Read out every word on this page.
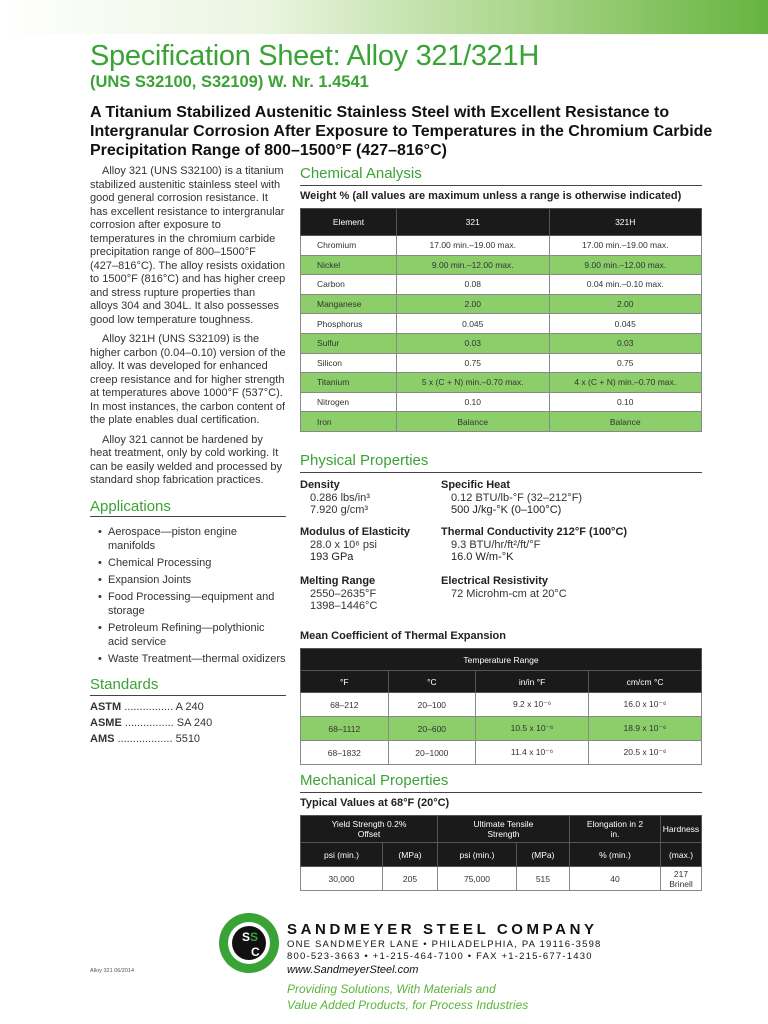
Specification Sheet: Alloy 321/321H
(UNS S32100, S32109) W. Nr. 1.4541
A Titanium Stabilized Austenitic Stainless Steel with Excellent Resistance to Intergranular Corrosion After Exposure to Temperatures in the Chromium Carbide Precipitation Range of 800–1500°F (427–816°C)

Alloy 321 (UNS S32100) is a titanium stabilized austenitic stainless steel with good general corrosion resistance. It has excellent resistance to intergranular corrosion after exposure to temperatures in the chromium carbide precipitation range of 800–1500°F (427–816°C). The alloy resists oxidation to 1500°F (816°C) and has higher creep and stress rupture properties than alloys 304 and 304L. It also possesses good low temperature toughness.

Alloy 321H (UNS S32109) is the higher carbon (0.04–0.10) version of the alloy. It was developed for enhanced creep resistance and for higher strength at temperatures above 1000°F (537°C). In most instances, the carbon content of the plate enables dual certification.

Alloy 321 cannot be hardened by heat treatment, only by cold working. It can be easily welded and processed by standard shop fabrication practices.

Applications
• Aerospace—piston engine manifolds
• Chemical Processing
• Expansion Joints
• Food Processing—equipment and storage
• Petroleum Refining—polythionic acid service
• Waste Treatment—thermal oxidizers
Standards
ASTM ................ A 240
ASME ................ SA 240
AMS .................. 5510
Chemical Analysis
Weight % (all values are maximum unless a range is otherwise indicated)
Element	321	321H
Chromium	17.00 min.–19.00 max.	17.00 min.–19.00 max.
Nickel	9.00 min.–12.00 max.	9.00 min.–12.00 max.
Carbon	0.08	0.04 min.–0.10 max.
Manganese	2.00	2.00
Phosphorus	0.045	0.045
Sulfur	0.03	0.03
Silicon	0.75	0.75
Titanium	5 x (C + N) min.–0.70 max.	4 x (C + N) min.–0.70 max.
Nitrogen	0.10	0.10
Iron	Balance	Balance
Physical Properties
Density
0.286 lbs/in³
7.920 g/cm³
Modulus of Elasticity
28.0 x 10⁶ psi
193 GPa
Melting Range
2550–2635°F
1398–1446°C
Specific Heat
0.12 BTU/lb-°F (32–212°F)
500 J/kg-°K (0–100°C)
Thermal Conductivity 212°F (100°C)
9.3 BTU/hr/ft²/ft/°F
16.0 W/m-°K
Electrical Resistivity
72 Microhm-cm at 20°C
Mean Coefficient of Thermal Expansion
Temperature Range			
°F	°C	in/in °F	cm/cm °C
68–212	20–100	9.2 x 10⁻⁶	16.0 x 10⁻⁶
68–1112	20–600	10.5 x 10⁻⁶	18.9 x 10⁻⁶
68–1832	20–1000	11.4 x 10⁻⁶	20.5 x 10⁻⁶
Mechanical Properties
Typical Values at 68°F (20°C)
Yield Strength 0.2% Offset		Ultimate Tensile Strength		Elongation in 2 in.	Hardness
psi (min.)	(MPa)	psi (min.)	(MPa)	% (min.)	(max.)
30,000	205	75,000	515	40	217 Brinell
Alloy 321 06/2014
S S
C
SANDMEYER STEEL COMPANY
ONE SANDMEYER LANE • PHILADELPHIA, PA 19116-3598
800-523-3663 • +1-215-464-7100 • FAX +1-215-677-1430
www.SandmeyerSteel.com
Providing Solutions, With Materials and
Value Added Products, for Process Industries
